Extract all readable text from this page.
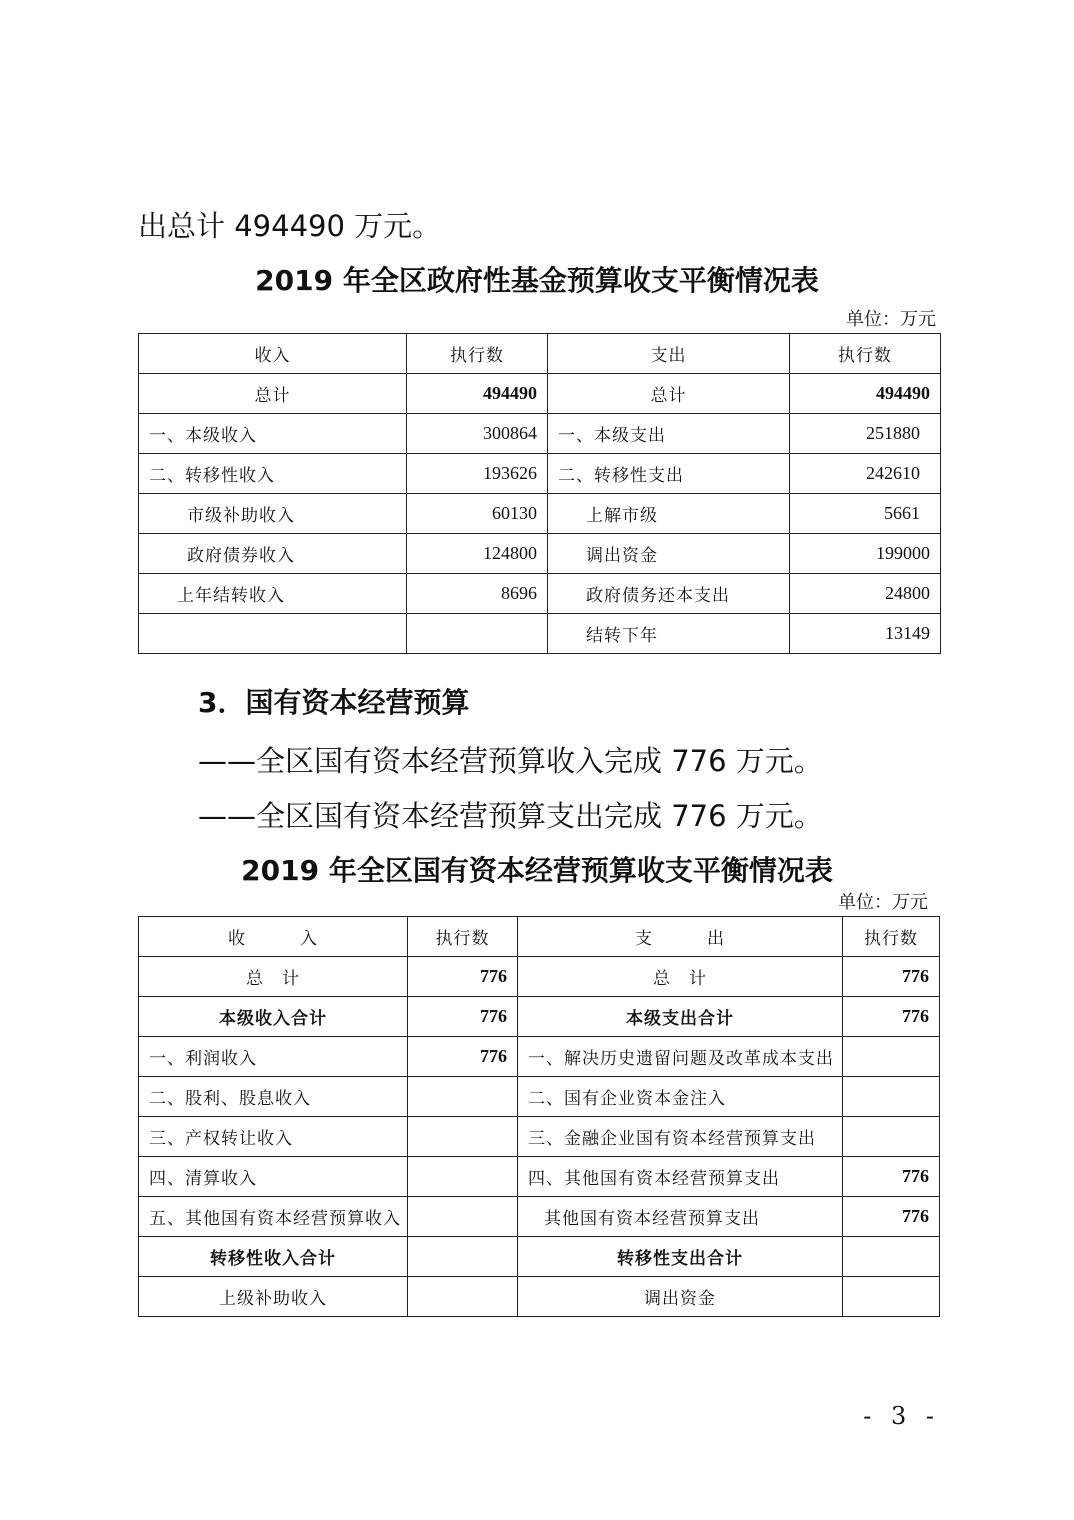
出总计 494490 万元。
2019 年全区政府性基金预算收支平衡情况表
单位：万元
收入	执行数	支出	执行数
总计	494490	总计	494490
一、本级收入	300864	一、本级支出	251880
二、转移性收入	193626	二、转移性支出	242610
市级补助收入	60130	上解市级	5661
政府债券收入	124800	调出资金	199000
上年结转收入	8696	政府债务还本支出	24800
		结转下年	13149
3．国有资本经营预算
——全区国有资本经营预算收入完成 776 万元。
——全区国有资本经营预算支出完成 776 万元。
2019 年全区国有资本经营预算收支平衡情况表
单位：万元
收　　　入	执行数	支　　　出	执行数
总　计	776	总　计	776
本级收入合计	776	本级支出合计	776
一、利润收入	776	一、解决历史遗留问题及改革成本支出	
二、股利、股息收入		二、国有企业资本金注入	
三、产权转让收入		三、金融企业国有资本经营预算支出	
四、清算收入		四、其他国有资本经营预算支出	776
五、其他国有资本经营预算收入		其他国有资本经营预算支出	776
转移性收入合计		转移性支出合计	
上级补助收入		调出资金	
- 3 -
